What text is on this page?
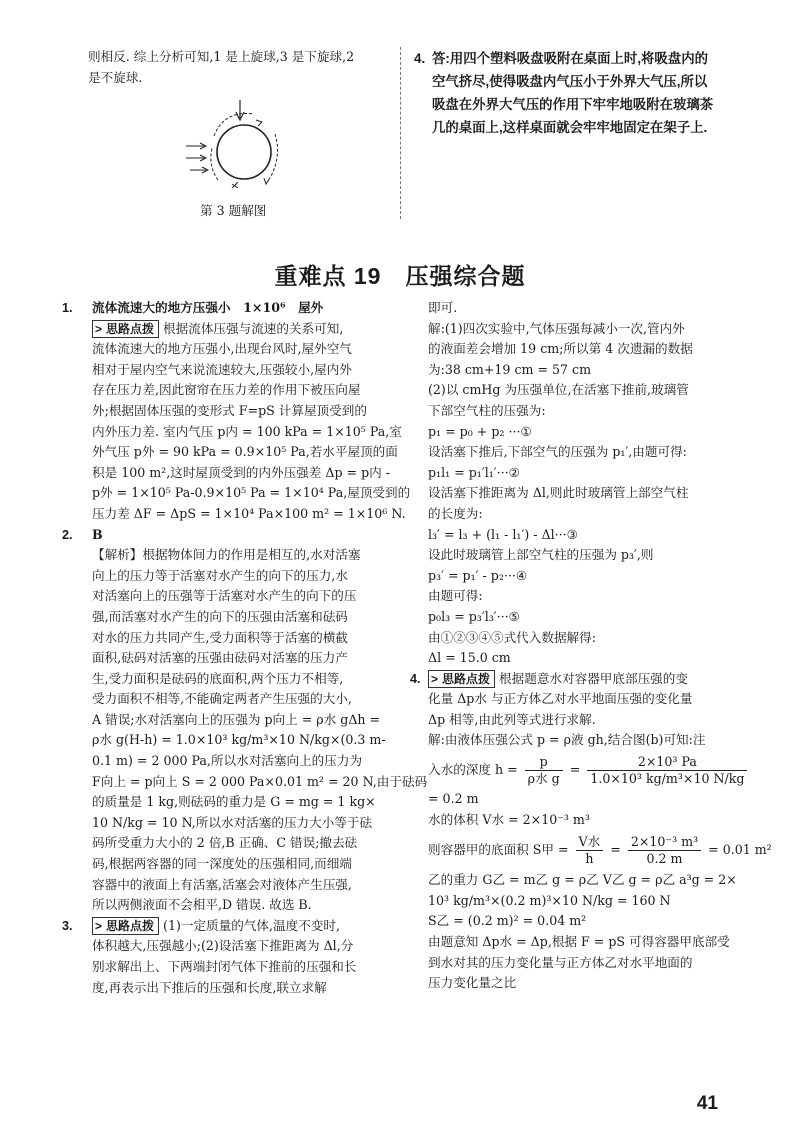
则相反. 综上分析可知,1 是上旋球,3 是下旋球,2

是不旋球.

第 3 题解图
4. 答:用四个塑料吸盘吸附在桌面上时,将吸盘内的
空气挤尽,使得吸盘内气压小于外界大气压,所以
吸盘在外界大气压的作用下牢牢地吸附在玻璃茶
几的桌面上,这样桌面就会牢牢地固定在架子上.
重难点 19　压强综合题

1. 流体流速大的地方压强小　1×10⁶　屋外

> 思路点拨 根据流体压强与流速的关系可知,

流体流速大的地方压强小,出现台风时,屋外空气

相对于屋内空气来说流速较大,压强较小,屋内外

存在压力差,因此窗帘在压力差的作用下被压向屋

外;根据固体压强的变形式 F=pS 计算屋顶受到的

内外压力差. 室内气压 p内 = 100 kPa = 1×10⁵ Pa,室

外气压 p外 = 90 kPa = 0.9×10⁵ Pa,若水平屋顶的面

积是 100 m²,这时屋顶受到的内外压强差 Δp = p内 -

p外 = 1×10⁵ Pa-0.9×10⁵ Pa = 1×10⁴ Pa,屋顶受到的

压力差 ΔF = ΔpS = 1×10⁴ Pa×100 m² = 1×10⁶ N.

2. B

【解析】根据物体间力的作用是相互的,水对活塞

向上的压力等于活塞对水产生的向下的压力,水

对活塞向上的压强等于活塞对水产生的向下的压

强,而活塞对水产生的向下的压强由活塞和砝码

对水的压力共同产生,受力面积等于活塞的横截

面积,砝码对活塞的压强由砝码对活塞的压力产

生,受力面积是砝码的底面积,两个压力不相等,

受力面积不相等,不能确定两者产生压强的大小,

A 错误;水对活塞向上的压强为 p向上 = ρ水 gΔh =

ρ水 g(H-h) = 1.0×10³ kg/m³×10 N/kg×(0.3 m-

0.1 m) = 2 000 Pa,所以水对活塞向上的压力为

F向上 = p向上 S = 2 000 Pa×0.01 m² = 20 N,由于砝码

的质量是 1 kg,则砝码的重力是 G = mg = 1 kg×

10 N/kg = 10 N,所以水对活塞的压力大小等于砝

码所受重力大小的 2 倍,B 正确、C 错误;撤去砝

码,根据两容器的同一深度处的压强相同,而细端

容器中的液面上有活塞,活塞会对液体产生压强,

所以两侧液面不会相平,D 错误. 故选 B.

3. > 思路点拨 (1)一定质量的气体,温度不变时,

体积越大,压强越小;(2)设活塞下推距离为 Δl,分

别求解出上、下两端封闭气体下推前的压强和长

度,再表示出下推后的压强和长度,联立求解

即可.

解:(1)四次实验中,气体压强每减小一次,管内外

的液面差会增加 19 cm;所以第 4 次遗漏的数据

为:38 cm+19 cm = 57 cm

(2)以 cmHg 为压强单位,在活塞下推前,玻璃管

下部空气柱的压强为:

p₁ = p₀ + p₂ ···①

设活塞下推后,下部空气的压强为 p₁′,由题可得:

p₁l₁ = p₁′l₁′···②

设活塞下推距离为 Δl,则此时玻璃管上部空气柱

的长度为:

l₃′ = l₃ + (l₁ - l₁′) - Δl···③

设此时玻璃管上部空气柱的压强为 p₃′,则

p₃′ = p₁′ - p₂···④

由题可得:

p₀l₃ = p₃′l₃′···⑤

由①②③④⑤式代入数据解得:

Δl = 15.0 cm

4. > 思路点拨 根据题意水对容器甲底部压强的变

化量 Δp水 与正方体乙对水平地面压强的变化量

Δp 相等,由此列等式进行求解.

解:由液体压强公式 p = ρ液 gh,结合图(b)可知:注

入水的深度 $h = \frac{p}{\text{ρ水 g}} = \frac{\text{2×10³ Pa}}{\text{1.0×10³ kg/m³×10 N/kg}}$

= 0.2 m

水的体积 V水 = 2×10⁻³ m³

则容器甲的底面积 S甲 = $\frac{\text{V水}}{h} = \frac{\text{2×10⁻³ m³}}{0.2 m} = 0.01$ m²

乙的重力 G乙 = m乙 g = ρ乙 V乙 g = ρ乙 a³g = 2×

10³ kg/m³×(0.2 m)³×10 N/kg = 160 N

S乙 = (0.2 m)² = 0.04 m²

由题意知 Δp水 = Δp,根据 F = pS 可得容器甲底部受

到水对其的压力变化量与正方体乙对水平地面的

压力变化量之比

41
